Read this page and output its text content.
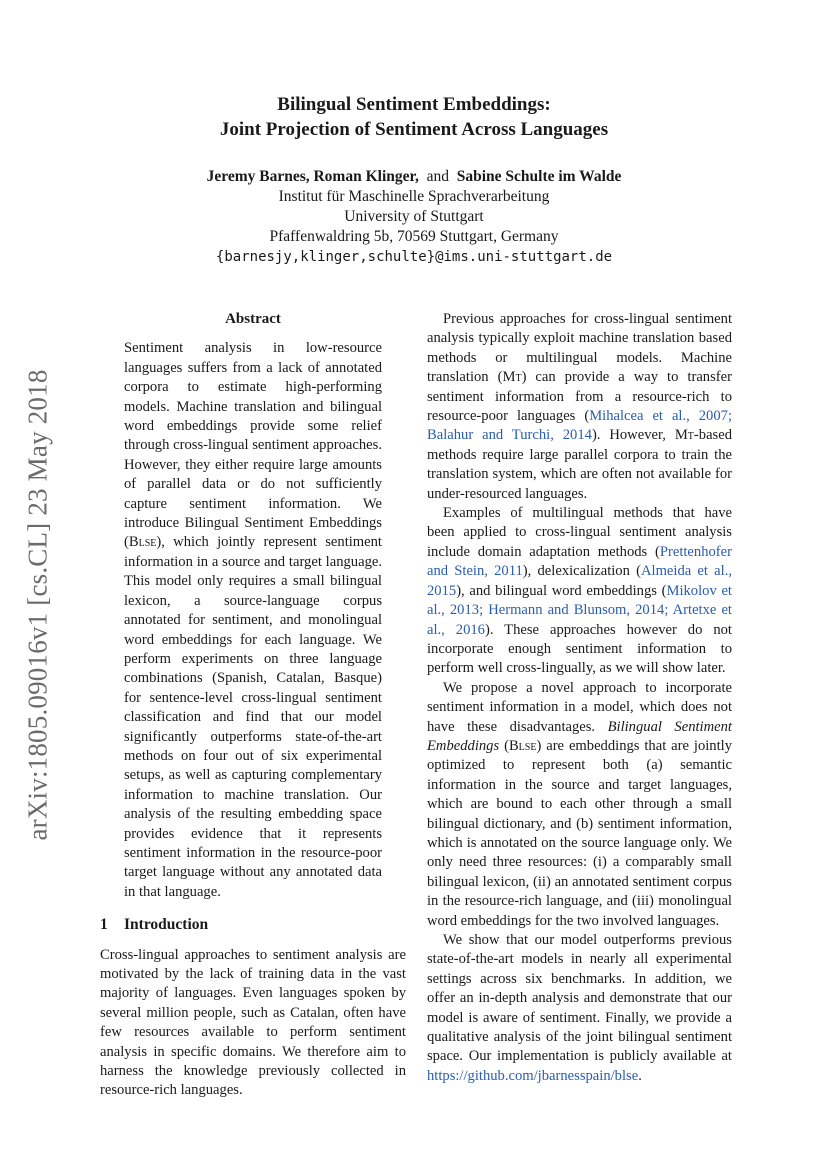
arXiv:1805.09016v1 [cs.CL] 23 May 2018
Bilingual Sentiment Embeddings:
Joint Projection of Sentiment Across Languages
Jeremy Barnes, Roman Klinger, and Sabine Schulte im Walde
Institut für Maschinelle Sprachverarbeitung
University of Stuttgart
Pfaffenwaldring 5b, 70569 Stuttgart, Germany
{barnesjy,klinger,schulte}@ims.uni-stuttgart.de
Abstract

Sentiment analysis in low-resource languages suffers from a lack of annotated corpora to estimate high-performing models. Machine translation and bilingual word embeddings provide some relief through cross-lingual sentiment approaches. However, they either require large amounts of parallel data or do not sufficiently capture sentiment information. We introduce Bilingual Sentiment Embeddings (Blse), which jointly represent sentiment information in a source and target language. This model only requires a small bilingual lexicon, a source-language corpus annotated for sentiment, and monolingual word embeddings for each language. We perform experiments on three language combinations (Spanish, Catalan, Basque) for sentence-level cross-lingual sentiment classification and find that our model significantly outperforms state-of-the-art methods on four out of six experimental setups, as well as capturing complementary information to machine translation. Our analysis of the resulting embedding space provides evidence that it represents sentiment information in the resource-poor target language without any annotated data in that language.

1 Introduction

Cross-lingual approaches to sentiment analysis are motivated by the lack of training data in the vast majority of languages. Even languages spoken by several million people, such as Catalan, often have few resources available to perform sentiment analysis in specific domains. We therefore aim to harness the knowledge previously collected in resource-rich languages.

Previous approaches for cross-lingual sentiment analysis typically exploit machine translation based methods or multilingual models. Machine translation (Mt) can provide a way to transfer sentiment information from a resource-rich to resource-poor languages (Mihalcea et al., 2007; Balahur and Turchi, 2014). However, Mt-based methods require large parallel corpora to train the translation system, which are often not available for under-resourced languages.

Examples of multilingual methods that have been applied to cross-lingual sentiment analysis include domain adaptation methods (Prettenhofer and Stein, 2011), delexicalization (Almeida et al., 2015), and bilingual word embeddings (Mikolov et al., 2013; Hermann and Blunsom, 2014; Artetxe et al., 2016). These approaches however do not incorporate enough sentiment information to perform well cross-lingually, as we will show later.

We propose a novel approach to incorporate sentiment information in a model, which does not have these disadvantages. Bilingual Sentiment Embeddings (Blse) are embeddings that are jointly optimized to represent both (a) semantic information in the source and target languages, which are bound to each other through a small bilingual dictionary, and (b) sentiment information, which is annotated on the source language only. We only need three resources: (i) a comparably small bilingual lexicon, (ii) an annotated sentiment corpus in the resource-rich language, and (iii) monolingual word embeddings for the two involved languages.

We show that our model outperforms previous state-of-the-art models in nearly all experimental settings across six benchmarks. In addition, we offer an in-depth analysis and demonstrate that our model is aware of sentiment. Finally, we provide a qualitative analysis of the joint bilingual sentiment space. Our implementation is publicly available at https://github.com/jbarnesspain/blse.
